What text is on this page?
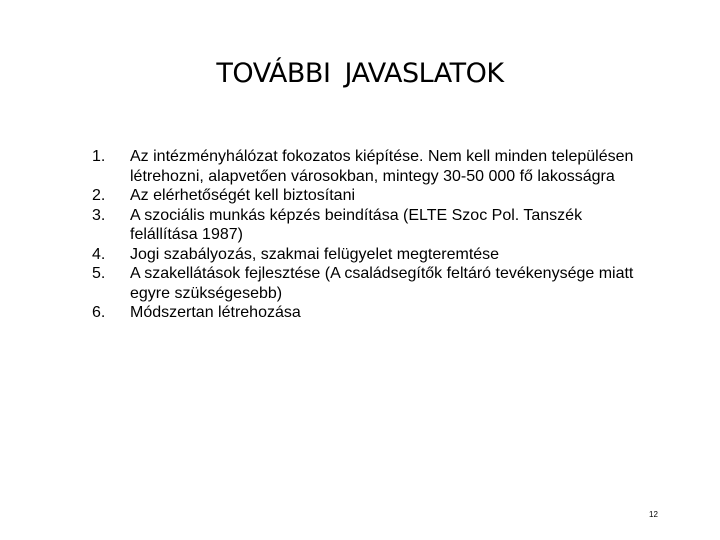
TOVÁBBI JAVASLATOK
1. Az intézményhálózat fokozatos kiépítése. Nem kell minden településen létrehozni, alapvetően városokban, mintegy 30-50 000 fő lakosságra
2. Az elérhetőségét kell biztosítani
3. A szociális munkás képzés beindítása (ELTE Szoc Pol. Tanszék felállítása 1987)
4. Jogi szabályozás, szakmai felügyelet megteremtése
5. A szakellátások fejlesztése (A családsegítők feltáró tevékenysége miatt egyre szükségesebb)
6. Módszertan létrehozása
12
